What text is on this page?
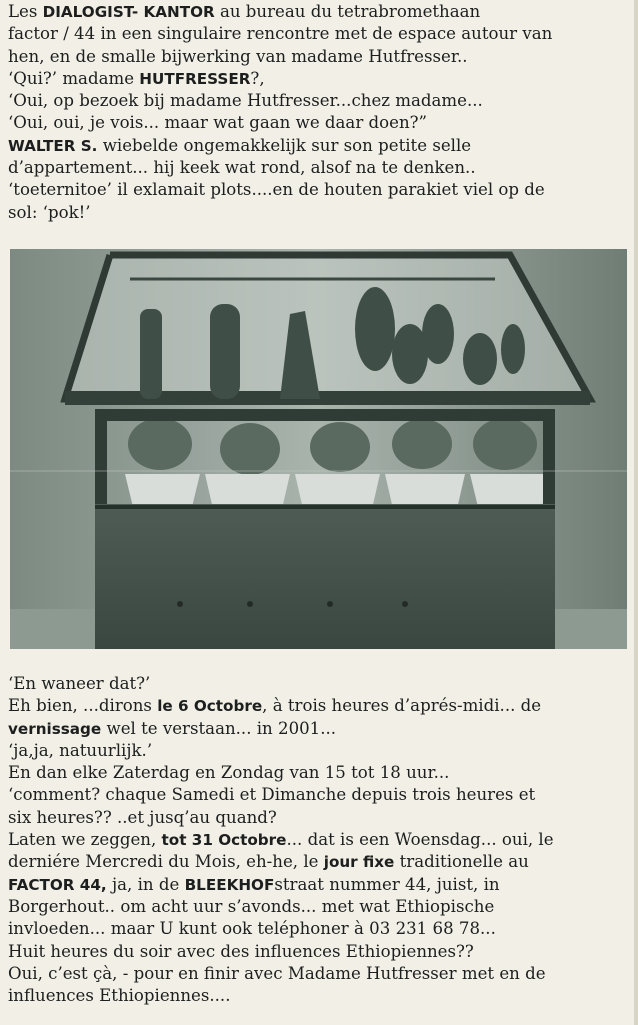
Les DIALOGIST- KANTOR au bureau du tetrabromethaan

factor / 44 in een singulaire rencontre met de espace autour van

hen, en de smalle bijwerking van madame Hutfresser..

‘Qui?’ madame HUTFRESSER?,

‘Oui, op bezoek bij madame Hutfresser...chez madame...

‘Oui, oui, je vois... maar wat gaan we daar doen?”

WALTER S. wiebelde ongemakkelijk sur son petite selle

d’appartement... hij keek wat rond, alsof na te denken..

‘toeternitoe’ il exlamait plots....en de houten parakiet viel op de

sol: ‘pok!’

‘En waneer dat?’

Eh bien, ...dirons le 6 Octobre, à trois heures d’aprés-midi... de

vernissage wel te verstaan... in 2001...

‘ja,ja, natuurlijk.’

En dan elke Zaterdag en Zondag van 15 tot 18 uur...

‘comment? chaque Samedi et Dimanche depuis trois heures et

six heures?? ..et jusq’au quand?

Laten we zeggen, tot 31 Octobre... dat is een Woensdag... oui, le

derniére Mercredi du Mois, eh-he, le jour fixe traditionelle au

FACTOR 44, ja, in de BLEEKHOFstraat nummer 44, juist, in

Borgerhout.. om acht uur s’avonds... met wat Ethiopische

invloeden... maar U kunt ook teléphoner à 03 231 68 78...

Huit heures du soir avec des influences Ethiopiennes??

Oui, c’est çà, - pour en finir avec Madame Hutfresser met en de

influences Ethiopiennes....
